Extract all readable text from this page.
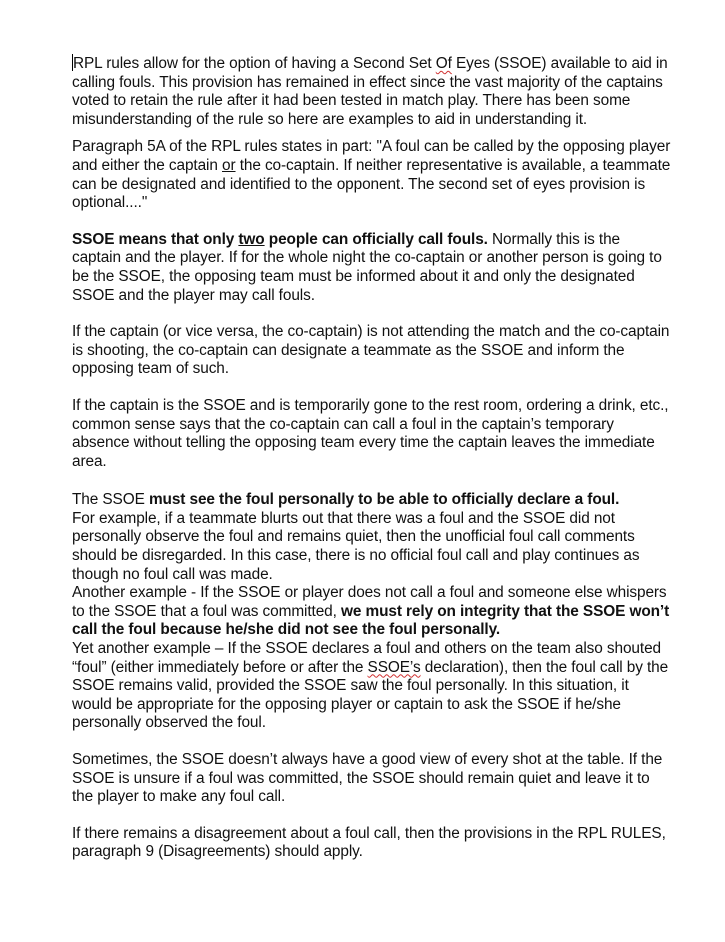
RPL rules allow for the option of having a Second Set Of Eyes (SSOE) available to aid in calling fouls. This provision has remained in effect since the vast majority of the captains voted to retain the rule after it had been tested in match play. There has been some misunderstanding of the rule so here are examples to aid in understanding it.

Paragraph 5A of the RPL rules states in part: "A foul can be called by the opposing player and either the captain or the co-captain. If neither representative is available, a teammate can be designated and identified to the opponent. The second set of eyes provision is optional...."

SSOE means that only two people can officially call fouls. Normally this is the captain and the player. If for the whole night the co-captain or another person is going to be the SSOE, the opposing team must be informed about it and only the designated SSOE and the player may call fouls.

If the captain (or vice versa, the co-captain) is not attending the match and the co-captain is shooting, the co-captain can designate a teammate as the SSOE and inform the opposing team of such.

If the captain is the SSOE and is temporarily gone to the rest room, ordering a drink, etc., common sense says that the co-captain can call a foul in the captain’s temporary absence without telling the opposing team every time the captain leaves the immediate area.

The SSOE must see the foul personally to be able to officially declare a foul.

For example, if a teammate blurts out that there was a foul and the SSOE did not personally observe the foul and remains quiet, then the unofficial foul call comments should be disregarded. In this case, there is no official foul call and play continues as though no foul call was made.

Another example - If the SSOE or player does not call a foul and someone else whispers to the SSOE that a foul was committed, we must rely on integrity that the SSOE won’t call the foul because he/she did not see the foul personally.

Yet another example – If the SSOE declares a foul and others on the team also shouted “foul” (either immediately before or after the SSOE’s declaration), then the foul call by the SSOE remains valid, provided the SSOE saw the foul personally. In this situation, it would be appropriate for the opposing player or captain to ask the SSOE if he/she personally observed the foul.

Sometimes, the SSOE doesn’t always have a good view of every shot at the table. If the SSOE is unsure if a foul was committed, the SSOE should remain quiet and leave it to the player to make any foul call.

If there remains a disagreement about a foul call, then the provisions in the RPL RULES, paragraph 9 (Disagreements) should apply.
